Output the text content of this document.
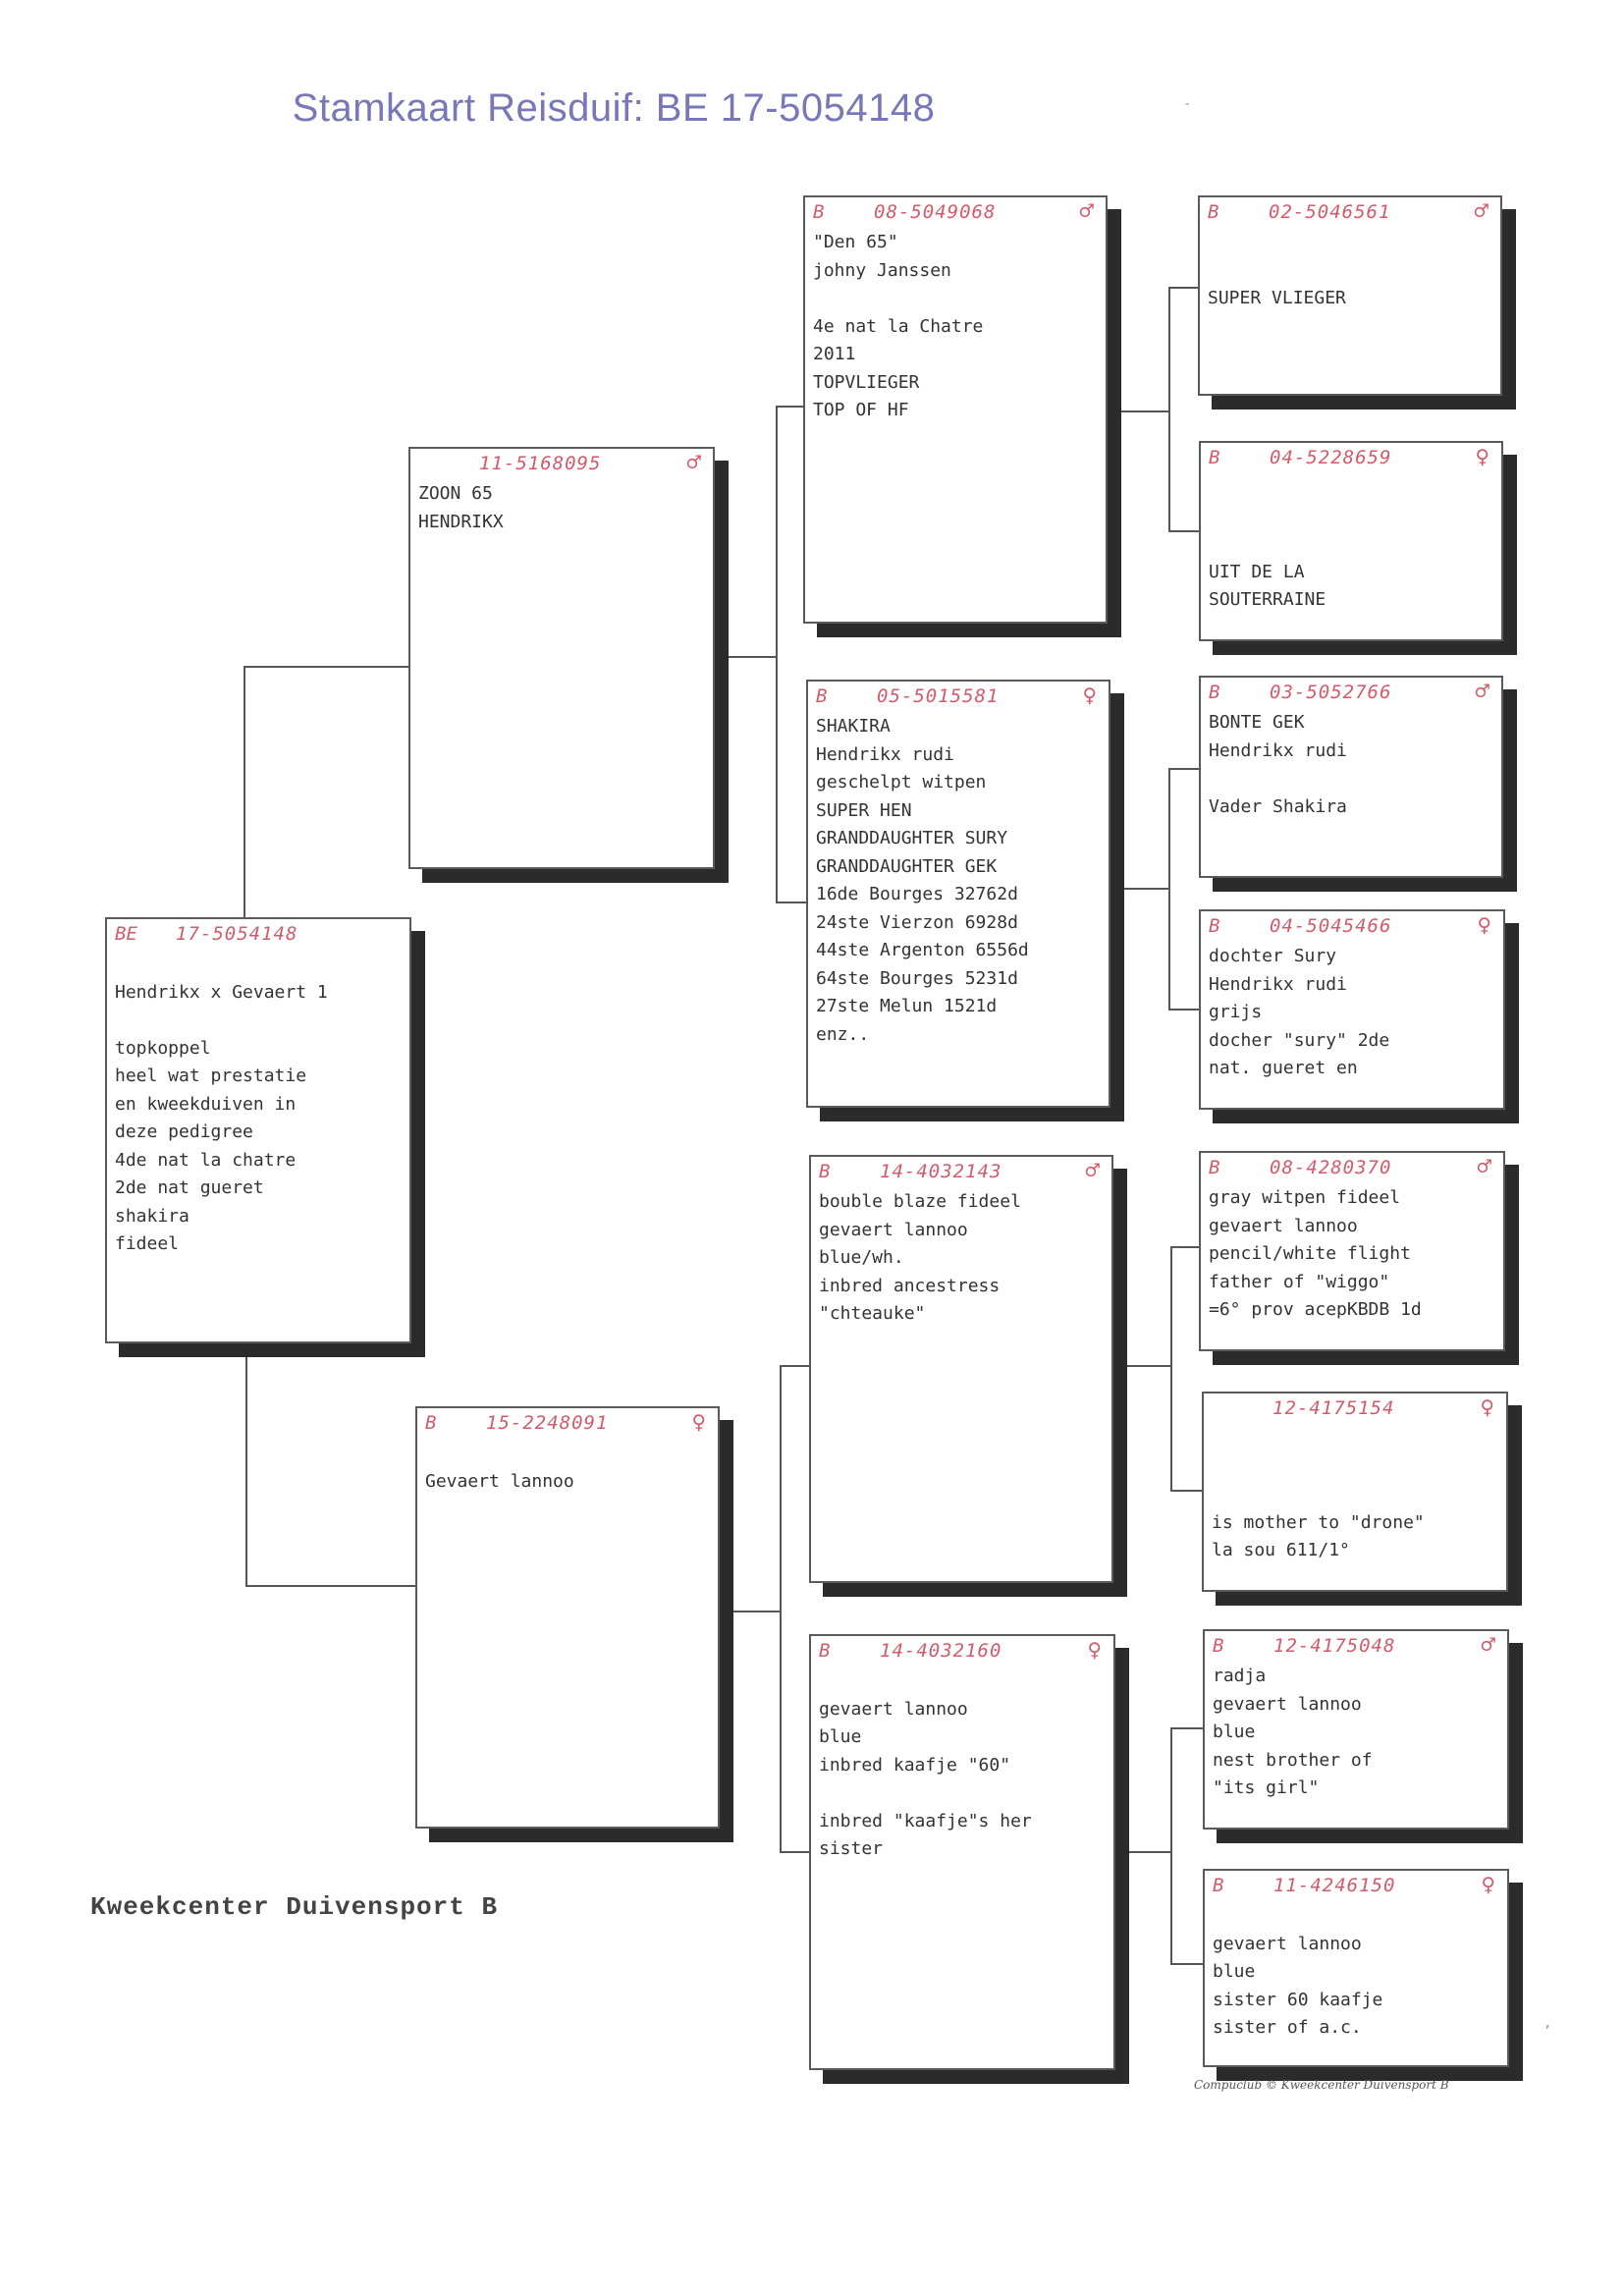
Stamkaart Reisduif: BE 17-5054148	-
,
BE 17-5054148

Hendrikx x Gevaert 1

topkoppel
heel wat prestatie
en kweekduiven in
deze pedigree
4de nat la chatre
2de nat gueret
shakira
fideel
11-5168095	♂
ZOON 65
HENDRIKX
B	15-2248091	♀

Gevaert lannoo
B	08-5049068	♂
"Den 65"
johny Janssen

4e nat la Chatre
2011
TOPVLIEGER
TOP OF HF
B	05-5015581	♀
SHAKIRA
Hendrikx rudi
geschelpt witpen
SUPER HEN
GRANDDAUGHTER SURY
GRANDDAUGHTER GEK
16de Bourges 32762d
24ste Vierzon 6928d
44ste Argenton 6556d
64ste Bourges 5231d
27ste Melun 1521d
enz..
B	14-4032143	♂
bouble blaze fideel
gevaert lannoo
blue/wh.
inbred ancestress
"chteauke"
B	14-4032160	♀

gevaert lannoo
blue
inbred kaafje "60"

inbred "kaafje"s her
sister
B	02-5046561	♂

SUPER VLIEGER
B	04-5228659	♀

UIT DE LA
SOUTERRAINE
B	03-5052766	♂
BONTE GEK
Hendrikx rudi

Vader Shakira
B	04-5045466	♀
dochter Sury
Hendrikx rudi
grijs
docher "sury" 2de
nat. gueret en
B	08-4280370	♂
gray witpen fideel
gevaert lannoo
pencil/white flight
father of "wiggo"
=6° prov acepKBDB 1d
12-4175154	♀

is mother to "drone"
la sou 611/1°
B	12-4175048	♂
radja
gevaert lannoo
blue
nest brother of
"its girl"
B	11-4246150	♀

gevaert lannoo
blue
sister 60 kaafje
sister of a.c.
Kweekcenter Duivensport B
Compuclub © Kweekcenter Duivensport B
